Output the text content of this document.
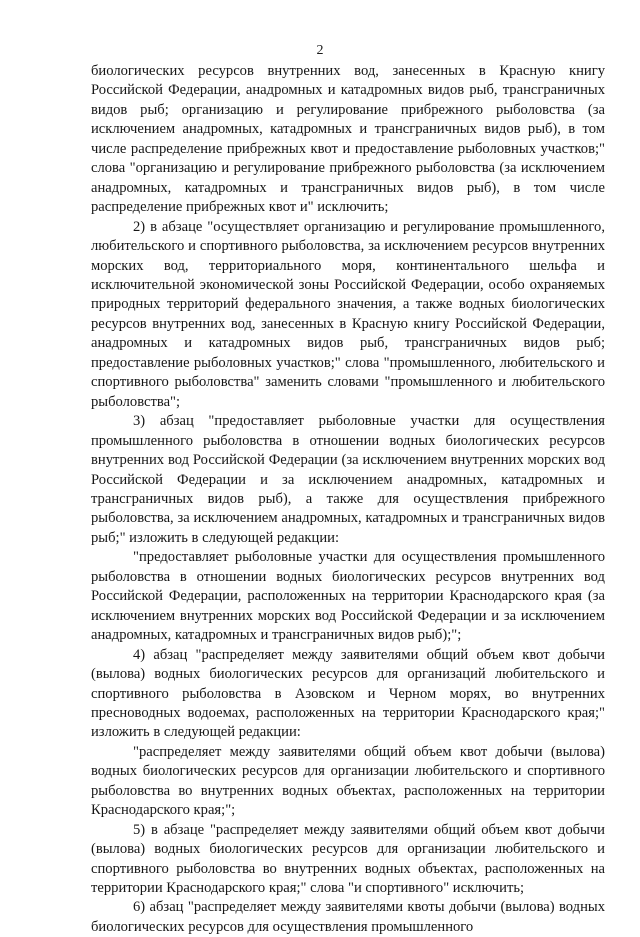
2

биологических ресурсов внутренних вод, занесенных в Красную книгу Российской Федерации, анадромных и катадромных видов рыб, трансграничных видов рыб; организацию и регулирование прибрежного рыболовства (за исключением анадромных, катадромных и трансграничных видов рыб), в том числе распределение прибрежных квот и предоставление рыболовных участков;" слова "организацию и регулирование прибрежного рыболовства (за исключением анадромных, катадромных и трансграничных видов рыб), в том числе распределение прибрежных квот и" исключить;

2) в абзаце "осуществляет организацию и регулирование промышленного, любительского и спортивного рыболовства, за исключением ресурсов внутренних морских вод, территориального моря, континентального шельфа и исключительной экономической зоны Российской Федерации, особо охраняемых природных территорий федерального значения, а также водных биологических ресурсов внутренних вод, занесенных в Красную книгу Российской Федерации, анадромных и катадромных видов рыб, трансграничных видов рыб; предоставление рыболовных участков;" слова "промышленного, любительского и спортивного рыболовства" заменить словами "промышленного и любительского рыболовства";

3) абзац "предоставляет рыболовные участки для осуществления промышленного рыболовства в отношении водных биологических ресурсов внутренних вод Российской Федерации (за исключением внутренних морских вод Российской Федерации и за исключением анадромных, катадромных и трансграничных видов рыб), а также для осуществления прибрежного рыболовства, за исключением анадромных, катадромных и трансграничных видов рыб;" изложить в следующей редакции:

"предоставляет рыболовные участки для осуществления промышленного рыболовства в отношении водных биологических ресурсов внутренних вод Российской Федерации, расположенных на территории Краснодарского края (за исключением внутренних морских вод Российской Федерации и за исключением анадромных, катадромных и трансграничных видов рыб);";

4) абзац "распределяет между заявителями общий объем квот добычи (вылова) водных биологических ресурсов для организаций любительского и спортивного рыболовства в Азовском и Черном морях, во внутренних пресноводных водоемах, расположенных на территории Краснодарского края;" изложить в следующей редакции:

"распределяет между заявителями общий объем квот добычи (вылова) водных биологических ресурсов для организации любительского и спортивного рыболовства во внутренних водных объектах, расположенных на территории Краснодарского края;";

5) в абзаце "распределяет между заявителями общий объем квот добычи (вылова) водных биологических ресурсов для организации любительского и спортивного рыболовства во внутренних водных объектах, расположенных на территории Краснодарского края;" слова "и спортивного" исключить;

6) абзац "распределяет между заявителями квоты добычи (вылова) водных биологических ресурсов для осуществления промышленного
